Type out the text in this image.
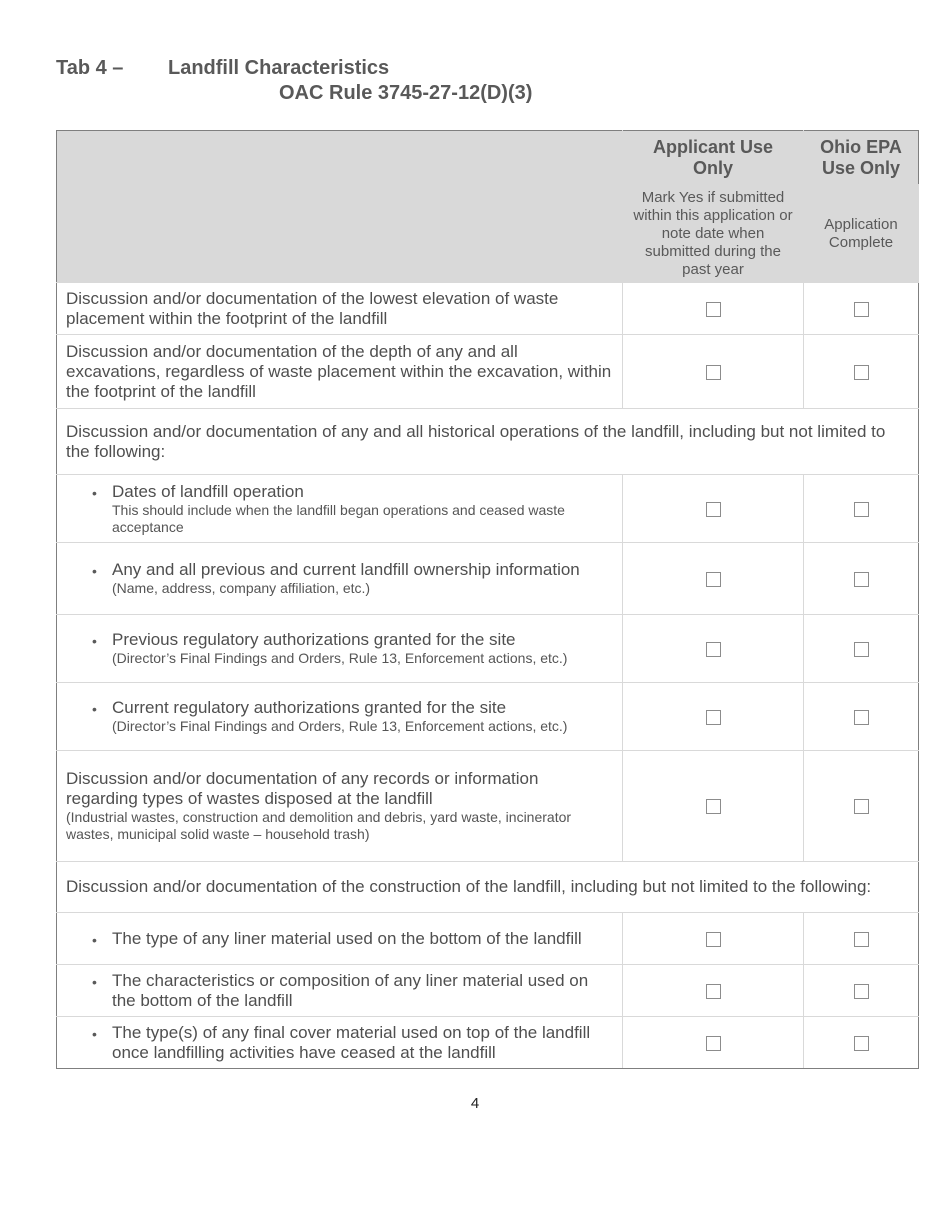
Tab 4 – Landfill Characteristics
OAC Rule 3745-27-12(D)(3)

	Applicant Use Only	Ohio EPA Use Only

	Mark Yes if submitted within this application or note date when submitted during the past year	Application Complete

Discussion and/or documentation of the lowest elevation of waste placement within the footprint of the landfill		
Discussion and/or documentation of the depth of any and all excavations, regardless of waste placement within the excavation, within the footprint of the landfill		
Discussion and/or documentation of any and all historical operations of the landfill, including but not limited to the following:		

• Dates of landfill operation
This should include when the landfill began operations and ceased waste acceptance		

• Any and all previous and current landfill ownership information
(Name, address, company affiliation, etc.)		

• Previous regulatory authorizations granted for the site
(Director’s Final Findings and Orders, Rule 13, Enforcement actions, etc.)		

• Current regulatory authorizations granted for the site
(Director’s Final Findings and Orders, Rule 13, Enforcement actions, etc.)		

Discussion and/or documentation of any records or information regarding types of wastes disposed at the landfill
(Industrial wastes, construction and demolition and debris, yard waste, incinerator wastes, municipal solid waste – household trash)		

Discussion and/or documentation of the construction of the landfill, including but not limited to the following:		

• The type of any liner material used on the bottom of the landfill		

• The characteristics or composition of any liner material used on the bottom of the landfill		

• The type(s) of any final cover material used on top of the landfill once landfilling activities have ceased at the landfill		

4
